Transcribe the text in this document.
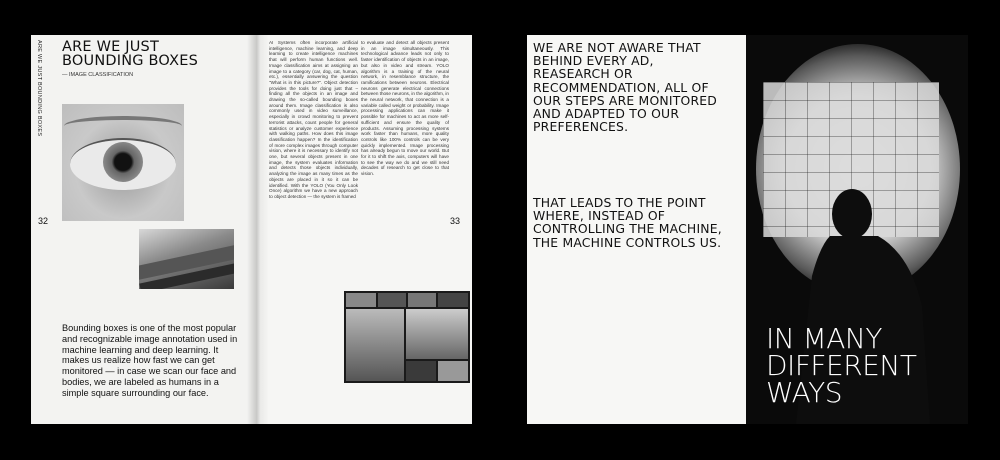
ARE WE JUST BOUNDING BOXES ARE WE JUST BOUNDING BOXES
— IMAGE CLASSIFICATION
32	33
Bounding boxes is one of the most popular and recognizable image annotation used in machine learning and deep learning. It makes us realize how fast we can get monitored — in case we scan our face and bodies, we are labeled as humans in a simple square surrounding our face.
AI Systems often incorporate artificial intelligence, machine learning, and deep learning to create intelligence machines that will perform human functions well. Image classification aims at assigning an image to a category (car, dog, cat, human, etc.), essentially answering the question "What is in this picture?". Object detection provides the tools for doing just that – finding all the objects in an image and drawing the so-called bounding boxes around them. Image classification is also commonly used in video surveillance, especially in crowd monitoring to prevent terrorist attacks, count people for general statistics or analyze customer experience with walking paths. How does this image classification happen? In the identification of more complex images through computer vision, where it is necessary to identify not one, but several objects present in one image, the system evaluates information and detects those objects individually, analyzing the image as many times as the objects are placed in it so it can be identified. With the YOLO (You Only Look Once) algorithm we have a new approach to object detection — the system is framed
to evaluate and detect all objects present in an image simultaneously. This technological advance leads not only to faster identification of objects in an image, but also in video and stream. YOLO algorithm is a training of the neural network, in resemblance structure, the ramifications between neurons. Electrical neurons generate electrical connections between those neurons, in the algorithm, in the neural network, that connection is a variable called weight or probability. Image processing applications can make it possible for machines to act as more self-sufficient and ensure the quality of products. Assuming processing systems work faster than humans, more quality controls like 100% controls can be very quickly implemented. Image processing has already begun to move our world. But for it to shift the axis, computers will have to see the way we do and we still need decades of research to get close to that vision.
WE ARE NOT AWARE THAT BEHIND EVERY AD, REASEARCH OR RECOMMENDATION, ALL OF OUR STEPS ARE MONITORED AND ADAPTED TO OUR PREFERENCES.
THAT LEADS TO THE POINT WHERE, INSTEAD OF CONTROLLING THE MACHINE, THE MACHINE CONTROLS US.
IN MANY DIFFERENT WAYS
